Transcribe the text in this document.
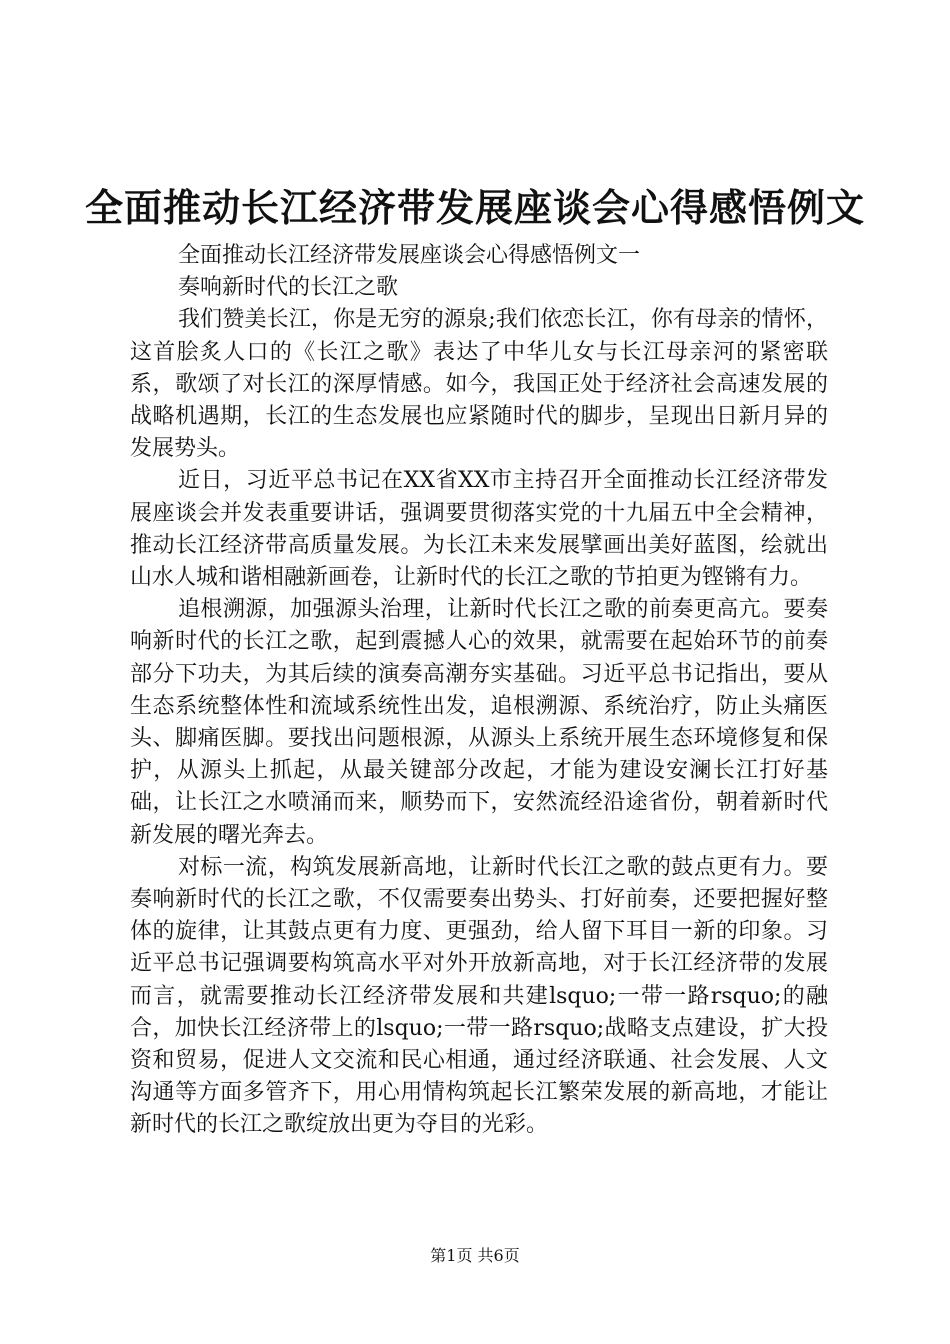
全面推动长江经济带发展座谈会心得感悟例文

全面推动长江经济带发展座谈会心得感悟例文一

奏响新时代的长江之歌

我们赞美长江，你是无穷的源泉;我们依恋长江，你有母亲的情怀，这首脍炙人口的《长江之歌》表达了中华儿女与长江母亲河的紧密联系，歌颂了对长江的深厚情感。如今，我国正处于经济社会高速发展的战略机遇期，长江的生态发展也应紧随时代的脚步，呈现出日新月异的发展势头。

近日，习近平总书记在XX省XX市主持召开全面推动长江经济带发展座谈会并发表重要讲话，强调要贯彻落实党的十九届五中全会精神，推动长江经济带高质量发展。为长江未来发展擘画出美好蓝图，绘就出山水人城和谐相融新画卷，让新时代的长江之歌的节拍更为铿锵有力。

追根溯源，加强源头治理，让新时代长江之歌的前奏更高亢。要奏响新时代的长江之歌，起到震撼人心的效果，就需要在起始环节的前奏部分下功夫，为其后续的演奏高潮夯实基础。习近平总书记指出，要从生态系统整体性和流域系统性出发，追根溯源、系统治疗，防止头痛医头、脚痛医脚。要找出问题根源，从源头上系统开展生态环境修复和保护，从源头上抓起，从最关键部分改起，才能为建设安澜长江打好基础，让长江之水喷涌而来，顺势而下，安然流经沿途省份，朝着新时代新发展的曙光奔去。

对标一流，构筑发展新高地，让新时代长江之歌的鼓点更有力。要奏响新时代的长江之歌，不仅需要奏出势头、打好前奏，还要把握好整体的旋律，让其鼓点更有力度、更强劲，给人留下耳目一新的印象。习近平总书记强调要构筑高水平对外开放新高地，对于长江经济带的发展而言，就需要推动长江经济带发展和共建lsquo;一带一路rsquo;的融合，加快长江经济带上的lsquo;一带一路rsquo;战略支点建设，扩大投资和贸易，促进人文交流和民心相通，通过经济联通、社会发展、人文沟通等方面多管齐下，用心用情构筑起长江繁荣发展的新高地，才能让新时代的长江之歌绽放出更为夺目的光彩。

第1页 共6页
